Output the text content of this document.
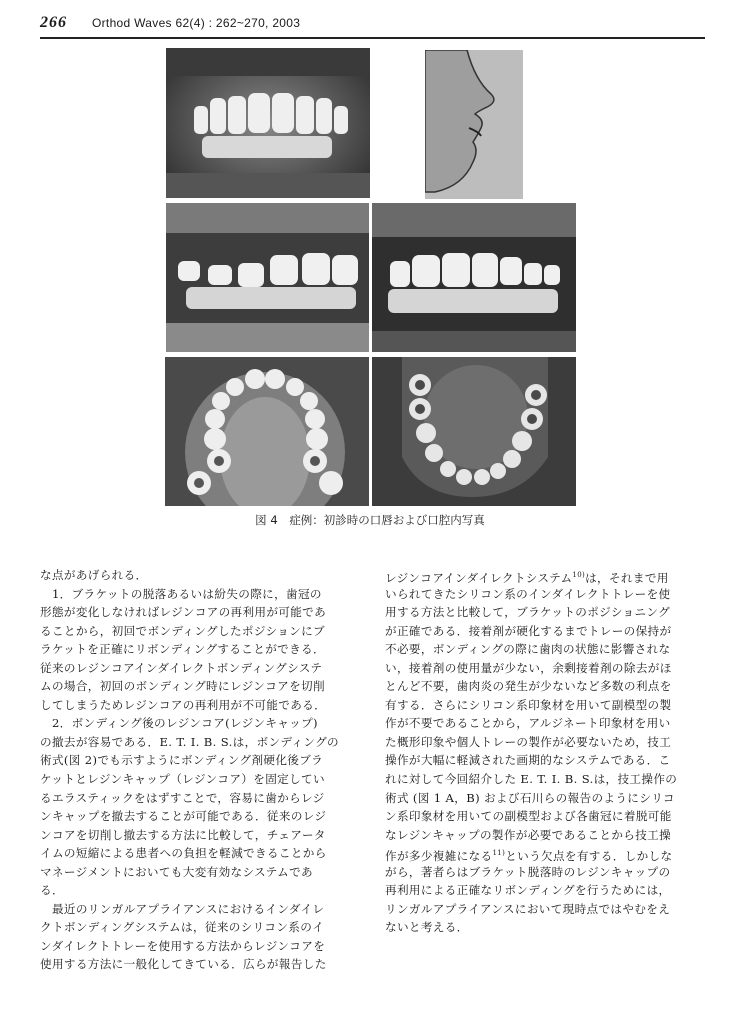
266 Orthod Waves 62(4) : 262~270, 2003
図 4 症例：初診時の口唇および口腔内写真
な点があげられる．
　1．ブラケットの脱落あるいは紛失の際に，歯冠の
形態が変化しなければレジンコアの再利用が可能であ
ることから，初回でボンディングしたポジションにブ
ラケットを正確にリボンディングすることができる．
従来のレジンコアインダイレクトボンディングシステ
ムの場合，初回のボンディング時にレジンコアを切削
してしまうためレジンコアの再利用が不可能である．
　2．ボンディング後のレジンコア(レジンキャップ)
の撤去が容易である．E. T. I. B. S.は，ボンディングの
術式(図 2)でも示すようにボンディング剤硬化後ブラ
ケットとレジンキャップ（レジンコア）を固定してい
るエラスティックをはずすことで，容易に歯からレジ
ンキャップを撤去することが可能である．従来のレジ
ンコアを切削し撤去する方法に比較して，チェアータ
イムの短縮による患者への負担を軽減できることから
マネージメントにおいても大変有効なシステムであ
る．
　最近のリンガルアプライアンスにおけるインダイレ
クトボンディングシステムは，従来のシリコン系のイ
ンダイレクトトレーを使用する方法からレジンコアを
使用する方法に一般化してきている．広らが報告した
レジンコアインダイレクトシステム$^{10)}$は，それまで用
いられてきたシリコン系のインダイレクトトレーを使
用する方法と比較して，ブラケットのポジショニング
が正確である．接着剤が硬化するまでトレーの保持が
不必要，ボンディングの際に歯肉の状態に影響されな
い，接着剤の使用量が少ない，余剰接着剤の除去がほ
とんど不要，歯肉炎の発生が少ないなど多数の利点を
有する．さらにシリコン系印象材を用いて副模型の製
作が不要であることから，アルジネート印象材を用い
た概形印象や個人トレーの製作が必要ないため，技工
操作が大幅に軽減された画期的なシステムである．こ
れに対して今回紹介した E. T. I. B. S.は，技工操作の
術式 (図 1 A，B) および石川らの報告のようにシリコ
ン系印象材を用いての副模型および各歯冠に着脱可能
なレジンキャップの製作が必要であることから技工操
作が多少複雑になる$^{11)}$という欠点を有する．しかしな
がら，著者らはブラケット脱落時のレジンキャップの
再利用による正確なリボンディングを行うためには，
リンガルアプライアンスにおいて現時点ではやむをえ
ないと考える．
